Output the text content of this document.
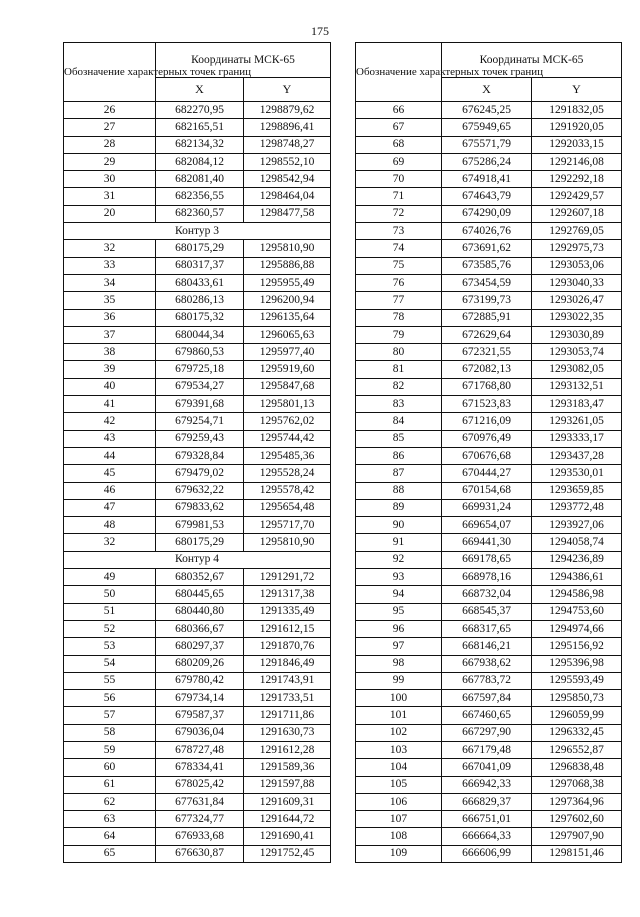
175
Обозначение характерных точек границ	Координаты МСК-65	
	X	Y
26	682270,95	1298879,62
27	682165,51	1298896,41
28	682134,32	1298748,27
29	682084,12	1298552,10
30	682081,40	1298542,94
31	682356,55	1298464,04
20	682360,57	1298477,58
Контур 3		
32	680175,29	1295810,90
33	680317,37	1295886,88
34	680433,61	1295955,49
35	680286,13	1296200,94
36	680175,32	1296135,64
37	680044,34	1296065,63
38	679860,53	1295977,40
39	679725,18	1295919,60
40	679534,27	1295847,68
41	679391,68	1295801,13
42	679254,71	1295762,02
43	679259,43	1295744,42
44	679328,84	1295485,36
45	679479,02	1295528,24
46	679632,22	1295578,42
47	679833,62	1295654,48
48	679981,53	1295717,70
32	680175,29	1295810,90
Контур 4		
49	680352,67	1291291,72
50	680445,65	1291317,38
51	680440,80	1291335,49
52	680366,67	1291612,15
53	680297,37	1291870,76
54	680209,26	1291846,49
55	679780,42	1291743,91
56	679734,14	1291733,51
57	679587,37	1291711,86
58	679036,04	1291630,73
59	678727,48	1291612,28
60	678334,41	1291589,36
61	678025,42	1291597,88
62	677631,84	1291609,31
63	677324,77	1291644,72
64	676933,68	1291690,41
65	676630,87	1291752,45
Обозначение характерных точек границ	Координаты МСК-65	
	X	Y
66	676245,25	1291832,05
67	675949,65	1291920,05
68	675571,79	1292033,15
69	675286,24	1292146,08
70	674918,41	1292292,18
71	674643,79	1292429,57
72	674290,09	1292607,18
73	674026,76	1292769,05
74	673691,62	1292975,73
75	673585,76	1293053,06
76	673454,59	1293040,33
77	673199,73	1293026,47
78	672885,91	1293022,35
79	672629,64	1293030,89
80	672321,55	1293053,74
81	672082,13	1293082,05
82	671768,80	1293132,51
83	671523,83	1293183,47
84	671216,09	1293261,05
85	670976,49	1293333,17
86	670676,68	1293437,28
87	670444,27	1293530,01
88	670154,68	1293659,85
89	669931,24	1293772,48
90	669654,07	1293927,06
91	669441,30	1294058,74
92	669178,65	1294236,89
93	668978,16	1294386,61
94	668732,04	1294586,98
95	668545,37	1294753,60
96	668317,65	1294974,66
97	668146,21	1295156,92
98	667938,62	1295396,98
99	667783,72	1295593,49
100	667597,84	1295850,73
101	667460,65	1296059,99
102	667297,90	1296332,45
103	667179,48	1296552,87
104	667041,09	1296838,48
105	666942,33	1297068,38
106	666829,37	1297364,96
107	666751,01	1297602,60
108	666664,33	1297907,90
109	666606,99	1298151,46
